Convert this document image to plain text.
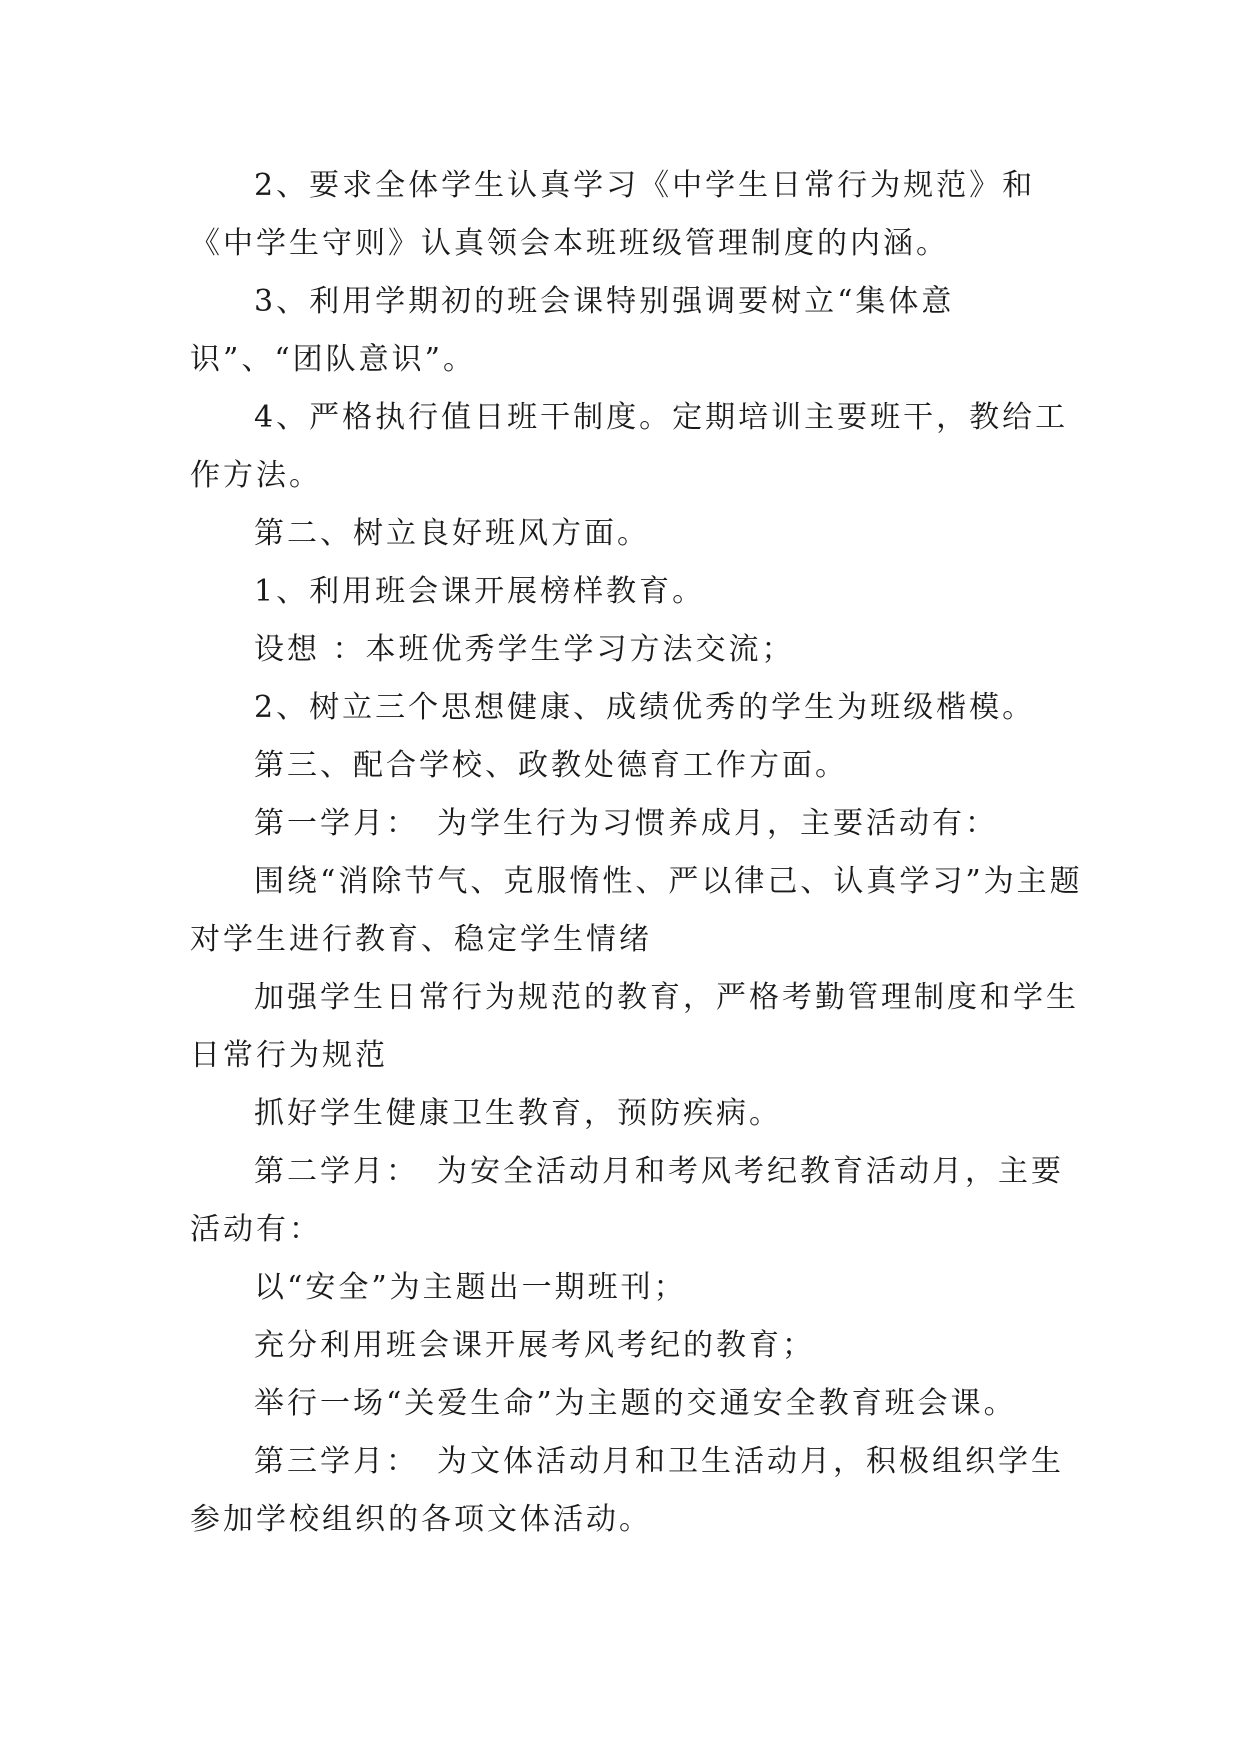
2、要求全体学生认真学习《中学生日常行为规范》和《中学生守则》认真领会本班班级管理制度的内涵。

3、利用学期初的班会课特别强调要树立“集体意识”、“团队意识”。

4、严格执行值日班干制度。定期培训主要班干，教给工作方法。

第二、树立良好班风方面。

1、利用班会课开展榜样教育。

设想 ：本班优秀学生学习方法交流；

2、树立三个思想健康、成绩优秀的学生为班级楷模。

第三、配合学校、政教处德育工作方面。

第一学月：　为学生行为习惯养成月，主要活动有：

围绕“消除节气、克服惰性、严以律己、认真学习”为主题对学生进行教育、稳定学生情绪

加强学生日常行为规范的教育，严格考勤管理制度和学生日常行为规范

抓好学生健康卫生教育，预防疾病。

第二学月：　为安全活动月和考风考纪教育活动月，主要活动有：

以“安全”为主题出一期班刊；

充分利用班会课开展考风考纪的教育；

举行一场“关爱生命”为主题的交通安全教育班会课。

第三学月：　为文体活动月和卫生活动月，积极组织学生参加学校组织的各项文体活动。
